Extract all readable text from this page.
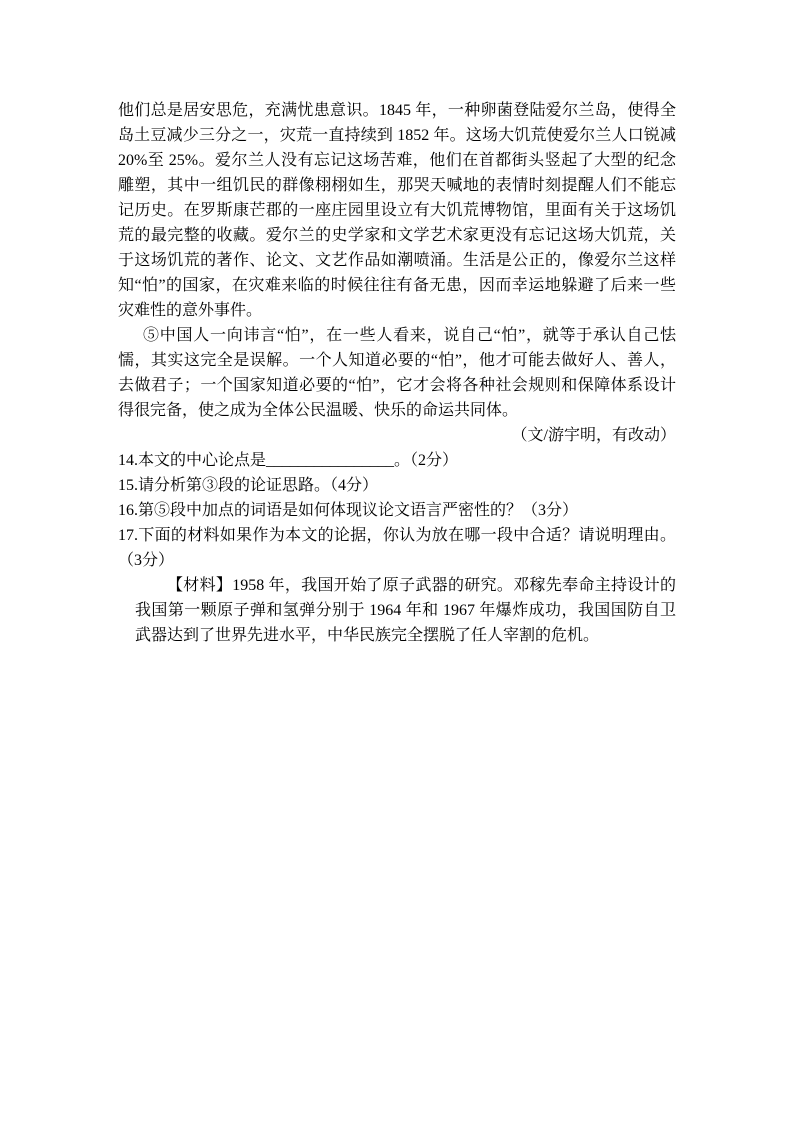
他们总是居安思危，充满忧患意识。1845 年，一种卵菌登陆爱尔兰岛，使得全岛土豆减少三分之一，灾荒一直持续到 1852 年。这场大饥荒使爱尔兰人口锐减 20%至 25%。爱尔兰人没有忘记这场苦难，他们在首都街头竖起了大型的纪念雕塑，其中一组饥民的群像栩栩如生，那哭天喊地的表情时刻提醒人们不能忘记历史。在罗斯康芒郡的一座庄园里设立有大饥荒博物馆，里面有关于这场饥荒的最完整的收藏。爱尔兰的史学家和文学艺术家更没有忘记这场大饥荒，关于这场饥荒的著作、论文、文艺作品如潮喷涌。生活是公正的，像爱尔兰这样知“怕”的国家，在灾难来临的时候往往有备无患，因而幸运地躲避了后来一些灾难性的意外事件。

⑤中国人一向讳言“怕”，在一些人看来，说自己“怕”，就等于承认自己怯懦，其实这完全是误解。一个人知道必要的“怕”，他才可能去做好人、善人，去做君子；一个国家知道必要的“怕”，它才会将各种社会规则和保障体系设计得很完备，使之成为全体公民温暖、快乐的命运共同体。

（文/游宇明，有改动）

14.本文的中心论点是________________。（2分）

15.请分析第③段的论证思路。（4分）

16.第⑤段中加点的词语是如何体现议论文语言严密性的？（3分）

17.下面的材料如果作为本文的论据，你认为放在哪一段中合适？请说明理由。（3分）

【材料】1958 年，我国开始了原子武器的研究。邓稼先奉命主持设计的我国第一颗原子弹和氢弹分别于 1964 年和 1967 年爆炸成功，我国国防自卫武器达到了世界先进水平，中华民族完全摆脱了任人宰割的危机。
